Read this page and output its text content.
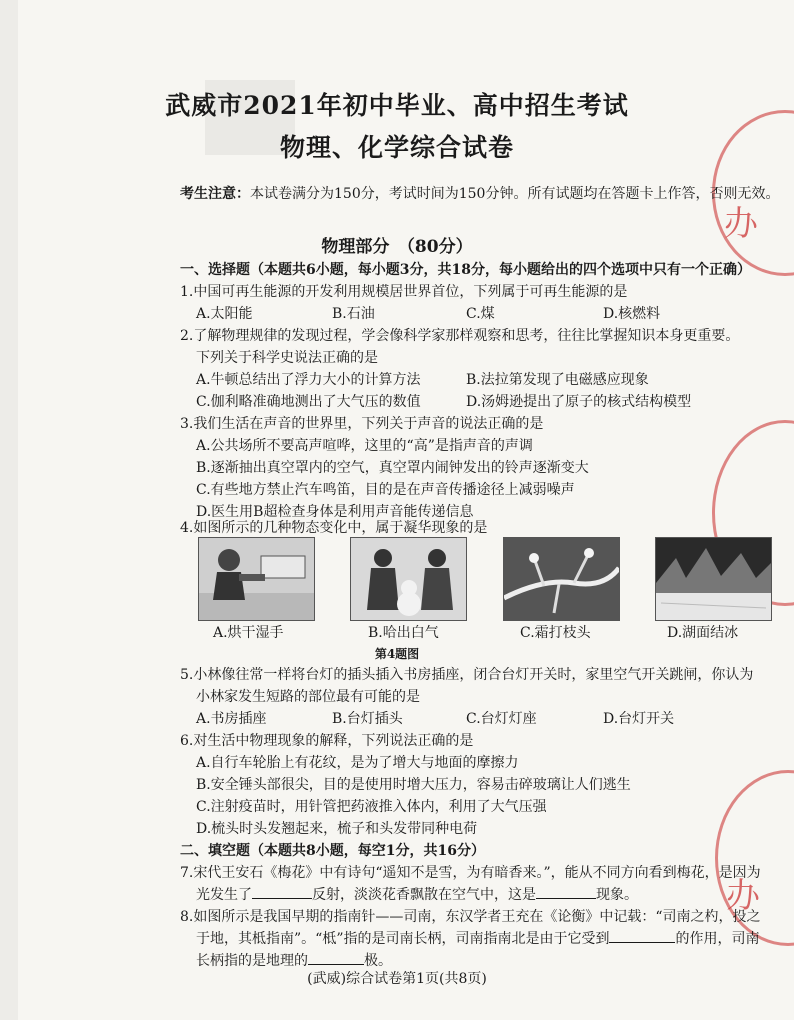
办
办
武威市2021年初中毕业、高中招生考试
物理、化学综合试卷
考生注意：本试卷满分为150分，考试时间为150分钟。所有试题均在答题卡上作答，否则无效。
物理部分　（80分）
一、选择题（本题共6小题，每小题3分，共18分，每小题给出的四个选项中只有一个正确）
1.中国可再生能源的开发利用规模居世界首位，下列属于可再生能源的是
A.太阳能	B.石油	C.煤	D.核燃料
2.了解物理规律的发现过程，学会像科学家那样观察和思考，往往比掌握知识本身更重要。
下列关于科学史说法正确的是
A.牛顿总结出了浮力大小的计算方法	B.法拉第发现了电磁感应现象
C.伽利略准确地测出了大气压的数值	D.汤姆逊提出了原子的核式结构模型
3.我们生活在声音的世界里，下列关于声音的说法正确的是
A.公共场所不要高声喧哗，这里的“高”是指声音的声调
B.逐渐抽出真空罩内的空气，真空罩内闹钟发出的铃声逐渐变大
C.有些地方禁止汽车鸣笛，目的是在声音传播途径上减弱噪声
D.医生用B超检查身体是利用声音能传递信息
4.如图所示的几种物态变化中，属于凝华现象的是
A.烘干湿手	B.哈出白气	C.霜打枝头	D.湖面结冰
第4题图
5.小林像往常一样将台灯的插头插入书房插座，闭合台灯开关时，家里空气开关跳闸，你认为
小林家发生短路的部位最有可能的是
A.书房插座	B.台灯插头	C.台灯灯座	D.台灯开关
6.对生活中物理现象的解释，下列说法正确的是
A.自行车轮胎上有花纹，是为了增大与地面的摩擦力
B.安全锤头部很尖，目的是使用时增大压力，容易击碎玻璃让人们逃生
C.注射疫苗时，用针管把药液推入体内，利用了大气压强
D.梳头时头发翘起来，梳子和头发带同种电荷
二、填空题（本题共8小题，每空1分，共16分）
7.宋代王安石《梅花》中有诗句“遥知不是雪，为有暗香来。”，能从不同方向看到梅花，是因为
光发生了	反射，淡淡花香飘散在空气中，这是	现象。
8.如图所示是我国早期的指南针——司南，东汉学者王充在《论衡》中记载：“司南之杓，投之
于地，其柢指南”。“柢”指的是司南长柄，司南指南北是由于它受到	的作用，司南
长柄指的是地理的	极。
(武威)综合试卷第1页(共8页)
